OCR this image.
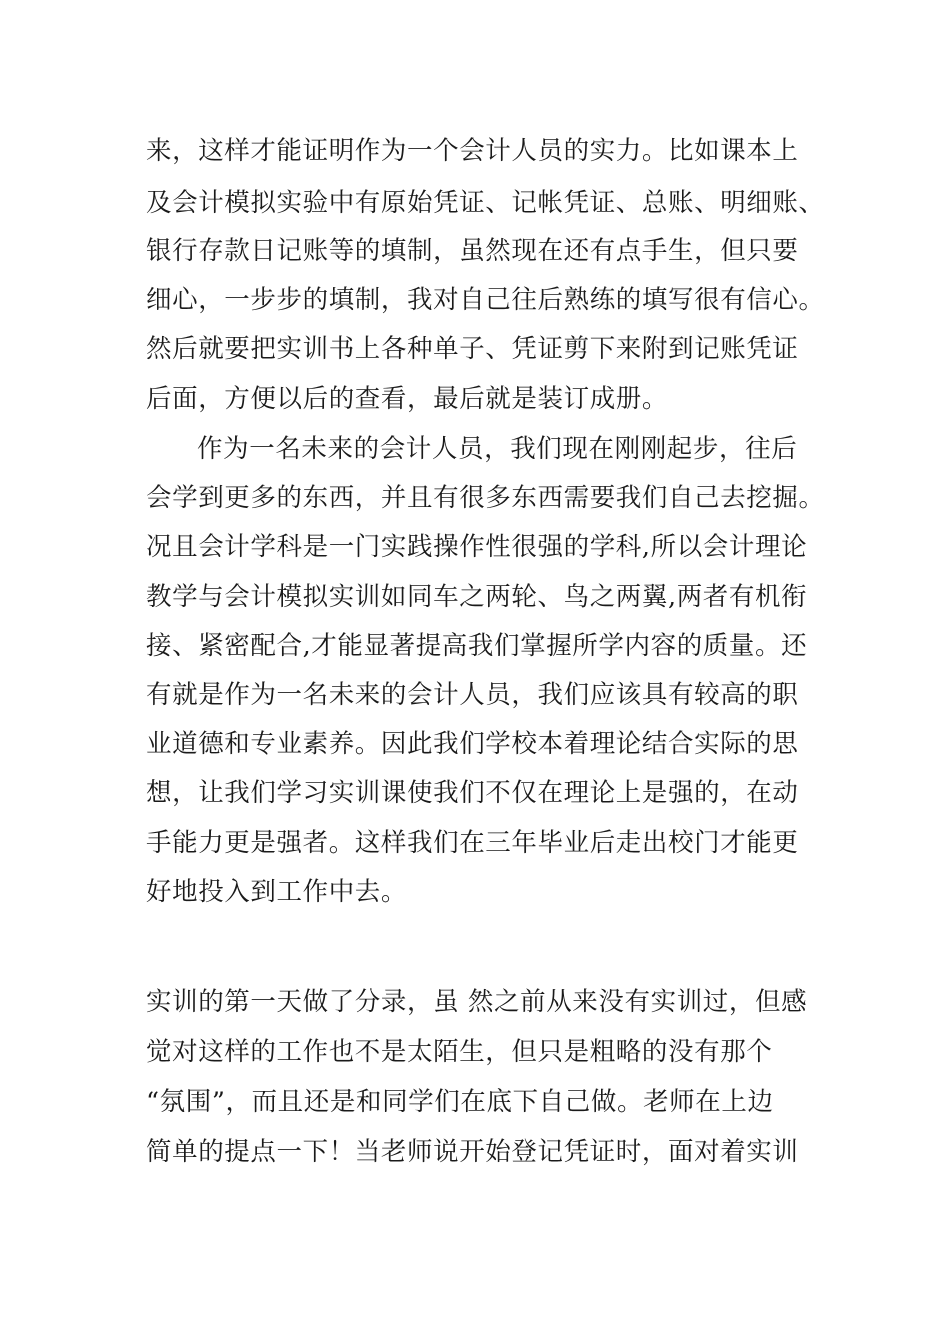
来，这样才能证明作为一个会计人员的实力。比如课本上
及会计模拟实验中有原始凭证、记帐凭证、总账、明细账、
银行存款日记账等的填制，虽然现在还有点手生，但只要
细心，一步步的填制，我对自己往后熟练的填写很有信心。
然后就要把实训书上各种单子、凭证剪下来附到记账凭证
后面，方便以后的查看，最后就是装订成册。
作为一名未来的会计人员，我们现在刚刚起步，往后
会学到更多的东西，并且有很多东西需要我们自己去挖掘。
况且会计学科是一门实践操作性很强的学科,所以会计理论
教学与会计模拟实训如同车之两轮、鸟之两翼,两者有机衔
接、紧密配合,才能显著提高我们掌握所学内容的质量。还
有就是作为一名未来的会计人员，我们应该具有较高的职
业道德和专业素养。因此我们学校本着理论结合实际的思
想，让我们学习实训课使我们不仅在理论上是强的，在动
手能力更是强者。这样我们在三年毕业后走出校门才能更
好地投入到工作中去。
实训的第一天做了分录，虽 然之前从来没有实训过，但感
觉对这样的工作也不是太陌生，但只是粗略的没有那个
“氛围”，而且还是和同学们在底下自己做。老师在上边
简单的提点一下！当老师说开始登记凭证时，面对着实训
